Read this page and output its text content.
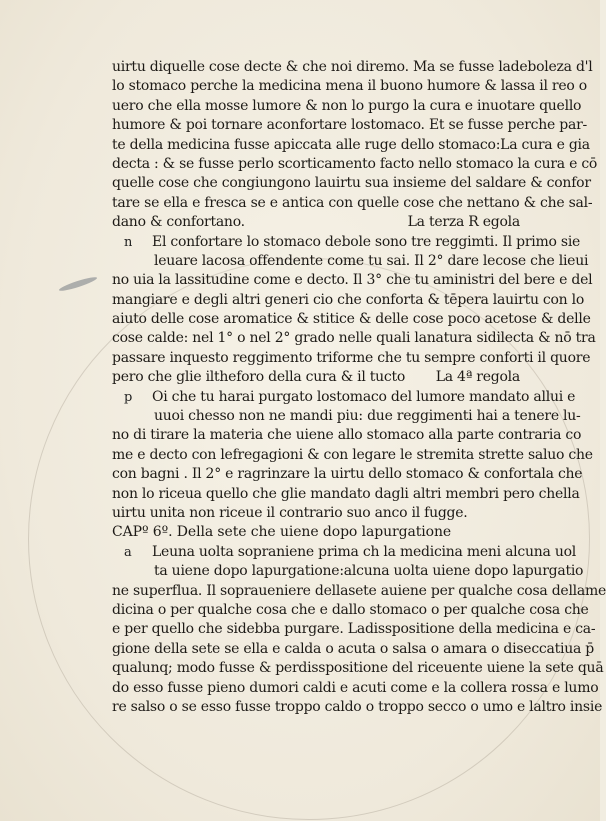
uirtu diquelle cose decte & che noi diremo. Ma se fusse ladeboleza d'l
lo stomaco perche la medicina mena il buono humore & lassa il reo o
uero che ella mosse lumore & non lo purgo la cura e inuotare quello
humore & poi tornare aconfortare lostomaco. Et se fusse perche par-
te della medicina fusse apiccata alle ruge dello stomaco:La cura e gia
decta : & se fusse perlo scorticamento facto nello stomaco la cura e cō
quelle cose che congiungono lauirtu sua insieme del saldare & confor
tare se ella e fresca se e antica con quelle cose che nettano & che sal-
dano & confortano.	La terza R egola
n El confortare lo stomaco debole sono tre reggimti. Il primo sie
leuare lacosa offendente come tu sai. Il 2° dare lecose che lieui
no uia la lassitudine come e decto. Il 3° che tu aministri del bere e del
mangiare e degli altri generi cio che conforta & tēpera lauirtu con lo
aiuto delle cose aromatice & stitice & delle cose poco acetose & delle
cose calde: nel 1° o nel 2° grado nelle quali lanatura sidilecta & nō tra
passare inquesto reggimento triforme che tu sempre conforti il quore
pero che glie iltheforo della cura & il tucto La 4ª regola
p Oi che tu harai purgato lostomaco del lumore mandato allui e
uuoi chesso non ne mandi piu: due reggimenti hai a tenere lu-
no di tirare la materia che uiene allo stomaco alla parte contraria co
me e decto con lefregagioni & con legare le stremita strette saluo che
con bagni . Il 2° e ragrinzare la uirtu dello stomaco & confortala che
non lo riceua quello che glie mandato dagli altri membri pero chella
uirtu unita non riceue il contrario suo anco il fugge.
CAPº 6º. Della sete che uiene dopo lapurgatione
a Leuna uolta sopraniene prima ch la medicina meni alcuna uol
ta uiene dopo lapurgatione:alcuna uolta uiene dopo lapurgatio
ne superflua. Il sopraueniere dellasete auiene per qualche cosa dellame
dicina o per qualche cosa che e dallo stomaco o per qualche cosa che
e per quello che sidebba purgare. Ladisspositione della medicina e ca-
gione della sete se ella e calda o acuta o salsa o amara o diseccatiua p̄
qualunq; modo fusse & perdisspositione del riceuente uiene la sete quā
do esso fusse pieno dumori caldi e acuti come e la collera rossa e lumo
re salso o se esso fusse troppo caldo o troppo secco o umo e laltro insie
